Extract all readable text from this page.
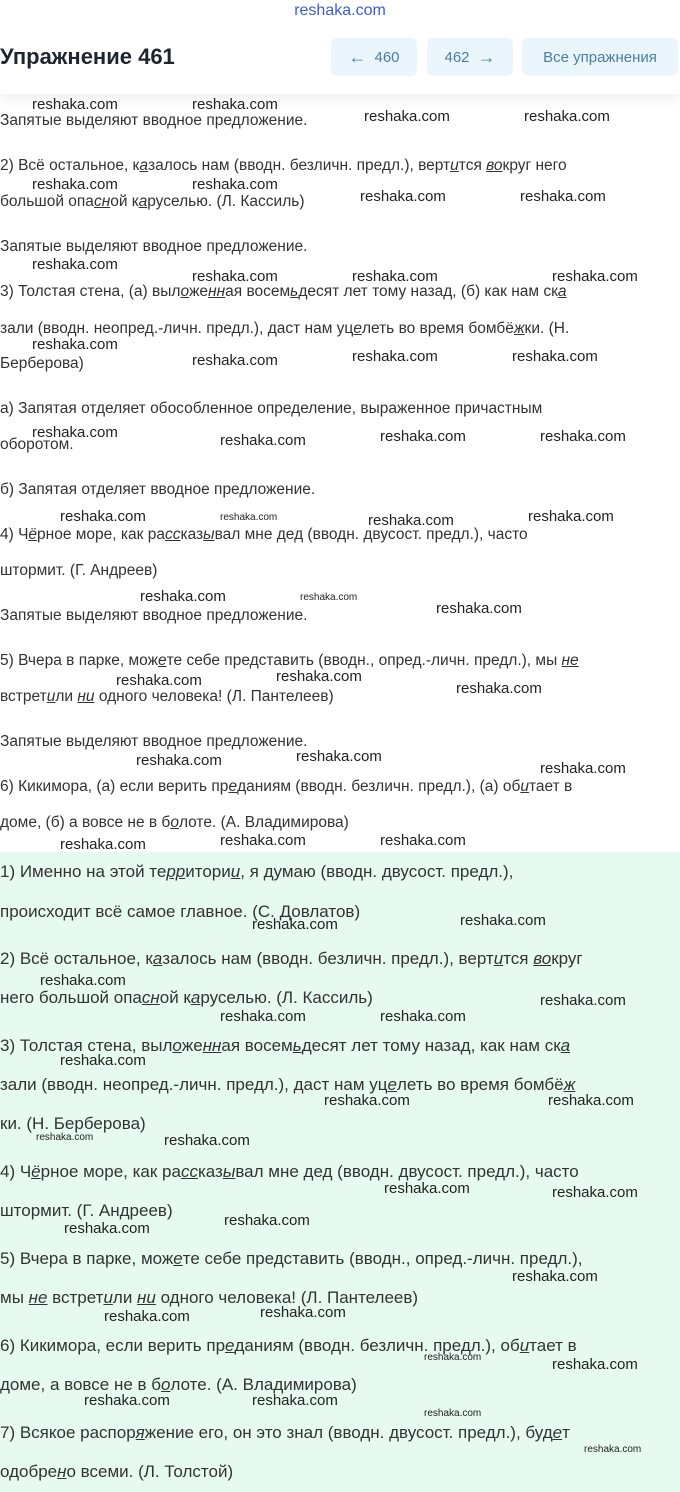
reshaka.com
Упражнение 461	← 460	462 →	Все упражнения
Запятые выделяют вводное предложение.
2) Всё остальное, казалось нам (вводн. безличн. предл.), вертится вокруг него
большой опасной каруселью. (Л. Кассиль)
Запятые выделяют вводное предложение.
3) Толстая стена, (а) выложенная восемьдесят лет тому назад, (б) как нам ска
зали (вводн. неопред.-личн. предл.), даст нам уцелеть во время бомбёжки. (Н.
Берберова)
а) Запятая отделяет обособленное определение, выраженное причастным
оборотом.
б) Запятая отделяет вводное предложение.
4) Чёрное море, как рассказывал мне дед (вводн. двусост. предл.), часто
штормит. (Г. Андреев)
Запятые выделяют вводное предложение.
5) Вчера в парке, можете себе представить (вводн., опред.-личн. предл.), мы не
встретили ни одного человека! (Л. Пантелеев)
Запятые выделяют вводное предложение.
6) Кикимора, (а) если верить преданиям (вводн. безличн. предл.), (а) обитает в
доме, (б) а вовсе не в болоте. (А. Владимирова)
1) Именно на этой территории, я думаю (вводн. двусост. предл.),
происходит всё самое главное. (С. Довлатов)
2) Всё остальное, казалось нам (вводн. безличн. предл.), вертится вокруг
него большой опасной каруселью. (Л. Кассиль)
3) Толстая стена, выложенная восемьдесят лет тому назад, как нам ска
зали (вводн. неопред.-личн. предл.), даст нам уцелеть во время бомбёж
ки. (Н. Берберова)
4) Чёрное море, как рассказывал мне дед (вводн. двусост. предл.), часто
штормит. (Г. Андреев)
5) Вчера в парке, можете себе представить (вводн., опред.-личн. предл.),
мы не встретили ни одного человека! (Л. Пантелеев)
6) Кикимора, если верить преданиям (вводн. безличн. предл.), обитает в
доме, а вовсе не в болоте. (А. Владимирова)
7) Всякое распоряжение его, он это знал (вводн. двусост. предл.), будет
одобрено всеми. (Л. Толстой)
reshaka.com	reshaka.com
reshaka.com	reshaka.com
reshaka.com	reshaka.com
reshaka.com	reshaka.com
reshaka.com
reshaka.com	reshaka.com	reshaka.com
reshaka.com
reshaka.com	reshaka.com	reshaka.com
reshaka.com	reshaka.com	reshaka.com	reshaka.com
reshaka.com	reshaka.com	reshaka.com	reshaka.com
reshaka.com	reshaka.com
reshaka.com
reshaka.com	reshaka.com
reshaka.com
reshaka.com	reshaka.com
reshaka.com
reshaka.com	reshaka.com	reshaka.com
reshaka.com	reshaka.com
reshaka.com
reshaka.com	reshaka.com
reshaka.com
reshaka.com
reshaka.com	reshaka.com
reshaka.com	reshaka.com
reshaka.com	reshaka.com
reshaka.com	reshaka.com
reshaka.com
reshaka.com	reshaka.com
reshaka.com	reshaka.com
reshaka.com	reshaka.com
reshaka.com
reshaka.com
